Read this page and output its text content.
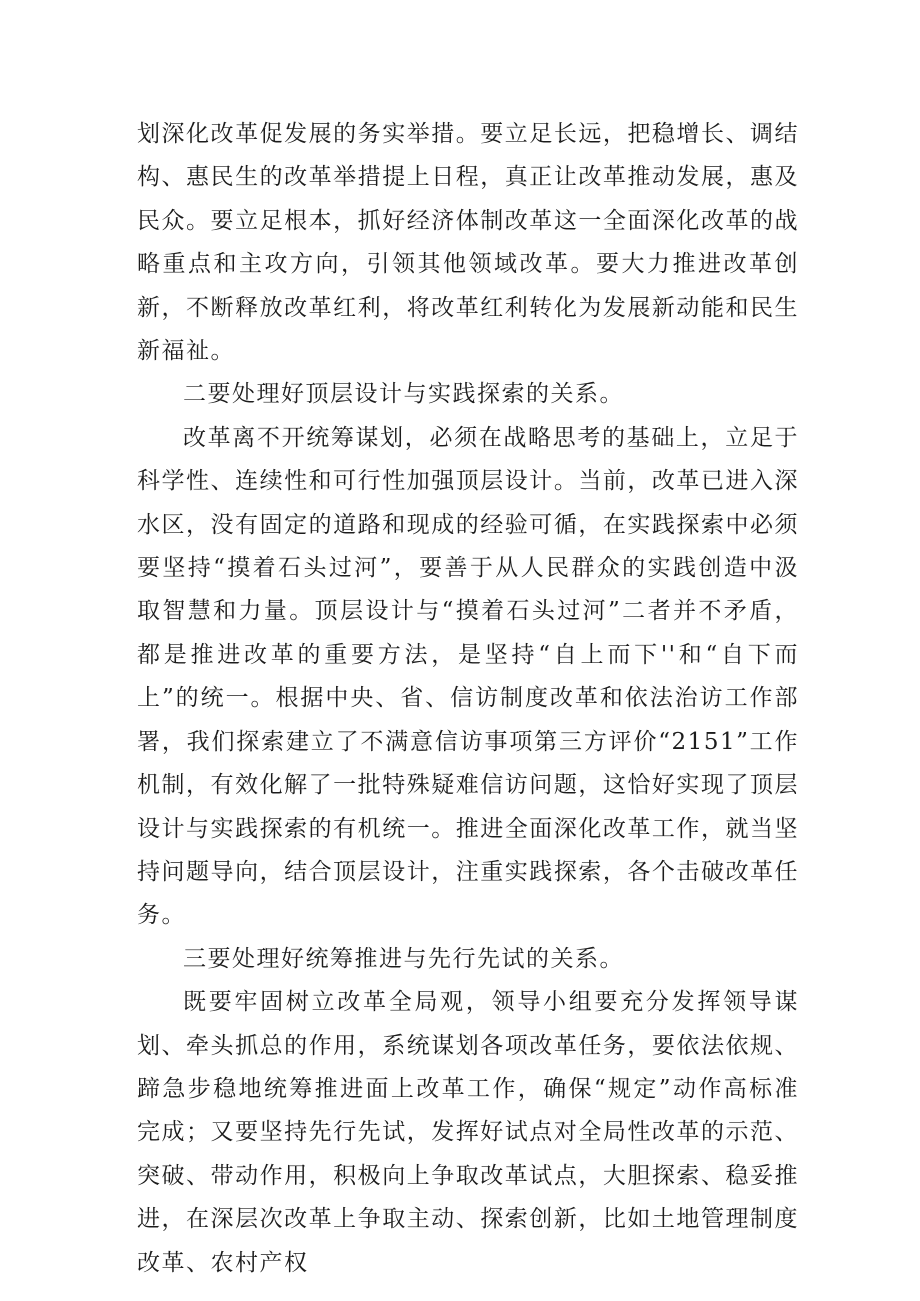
划深化改革促发展的务实举措。要立足长远，把稳增长、调结构、惠民生的改革举措提上日程，真正让改革推动发展，惠及民众。要立足根本，抓好经济体制改革这一全面深化改革的战略重点和主攻方向，引领其他领域改革。要大力推进改革创新，不断释放改革红利，将改革红利转化为发展新动能和民生新福祉。

二要处理好顶层设计与实践探索的关系。

改革离不开统筹谋划，必须在战略思考的基础上，立足于科学性、连续性和可行性加强顶层设计。当前，改革已进入深水区，没有固定的道路和现成的经验可循，在实践探索中必须要坚持“摸着石头过河”，要善于从人民群众的实践创造中汲取智慧和力量。顶层设计与“摸着石头过河”二者并不矛盾，都是推进改革的重要方法，是坚持“自上而下''和“自下而上”的统一。根据中央、省、信访制度改革和依法治访工作部署，我们探索建立了不满意信访事项第三方评价“2151”工作机制，有效化解了一批特殊疑难信访问题，这恰好实现了顶层设计与实践探索的有机统一。推进全面深化改革工作，就当坚持问题导向，结合顶层设计，注重实践探索，各个击破改革任务。

三要处理好统筹推进与先行先试的关系。

既要牢固树立改革全局观，领导小组要充分发挥领导谋划、牵头抓总的作用，系统谋划各项改革任务，要依法依规、蹄急步稳地统筹推进面上改革工作，确保“规定”动作高标准完成；又要坚持先行先试，发挥好试点对全局性改革的示范、突破、带动作用，积极向上争取改革试点，大胆探索、稳妥推进，在深层次改革上争取主动、探索创新，比如土地管理制度改革、农村产权
